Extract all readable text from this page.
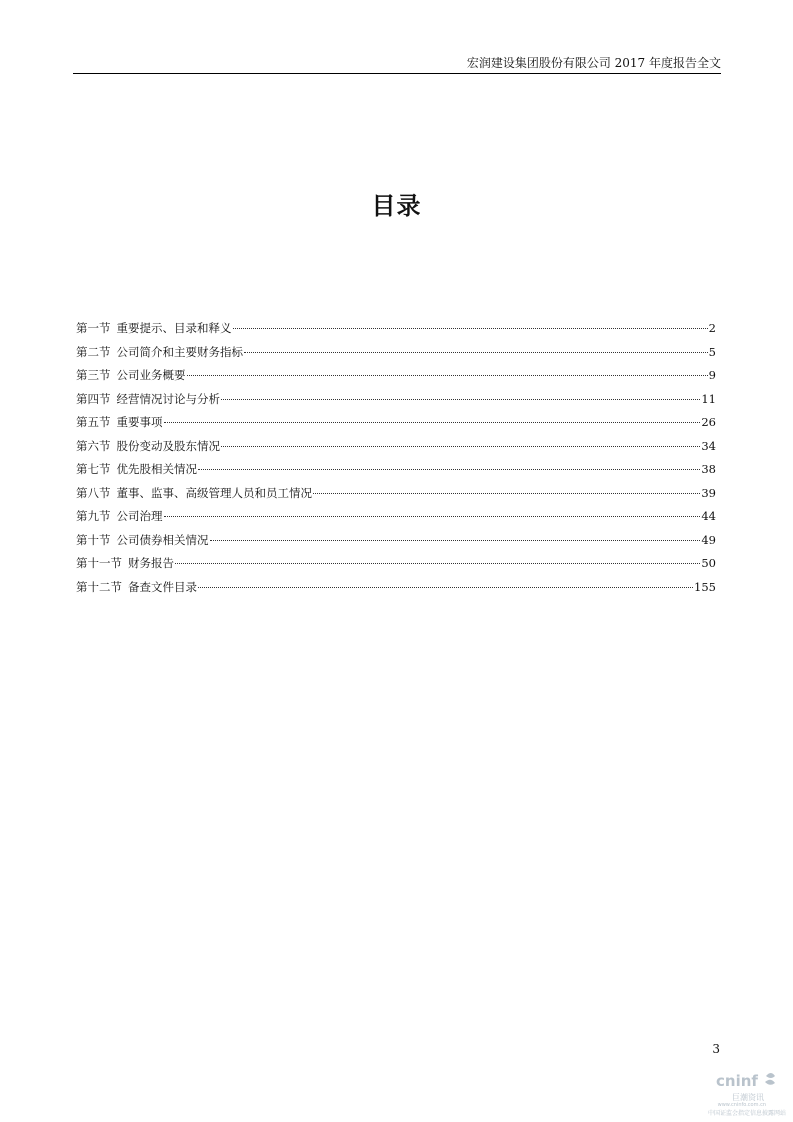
宏润建设集团股份有限公司 2017 年度报告全文
目录
第一节 重要提示、目录和释义	2
第二节 公司简介和主要财务指标	5
第三节 公司业务概要	9
第四节 经营情况讨论与分析	11
第五节 重要事项	26
第六节 股份变动及股东情况	34
第七节 优先股相关情况	38
第八节 董事、监事、高级管理人员和员工情况	39
第九节 公司治理	44
第十节 公司债券相关情况	49
第十一节 财务报告	50
第十二节 备查文件目录	155
3
cninf
巨潮资讯
www.cninfo.com.cn
中国证监会指定信息披露网站
